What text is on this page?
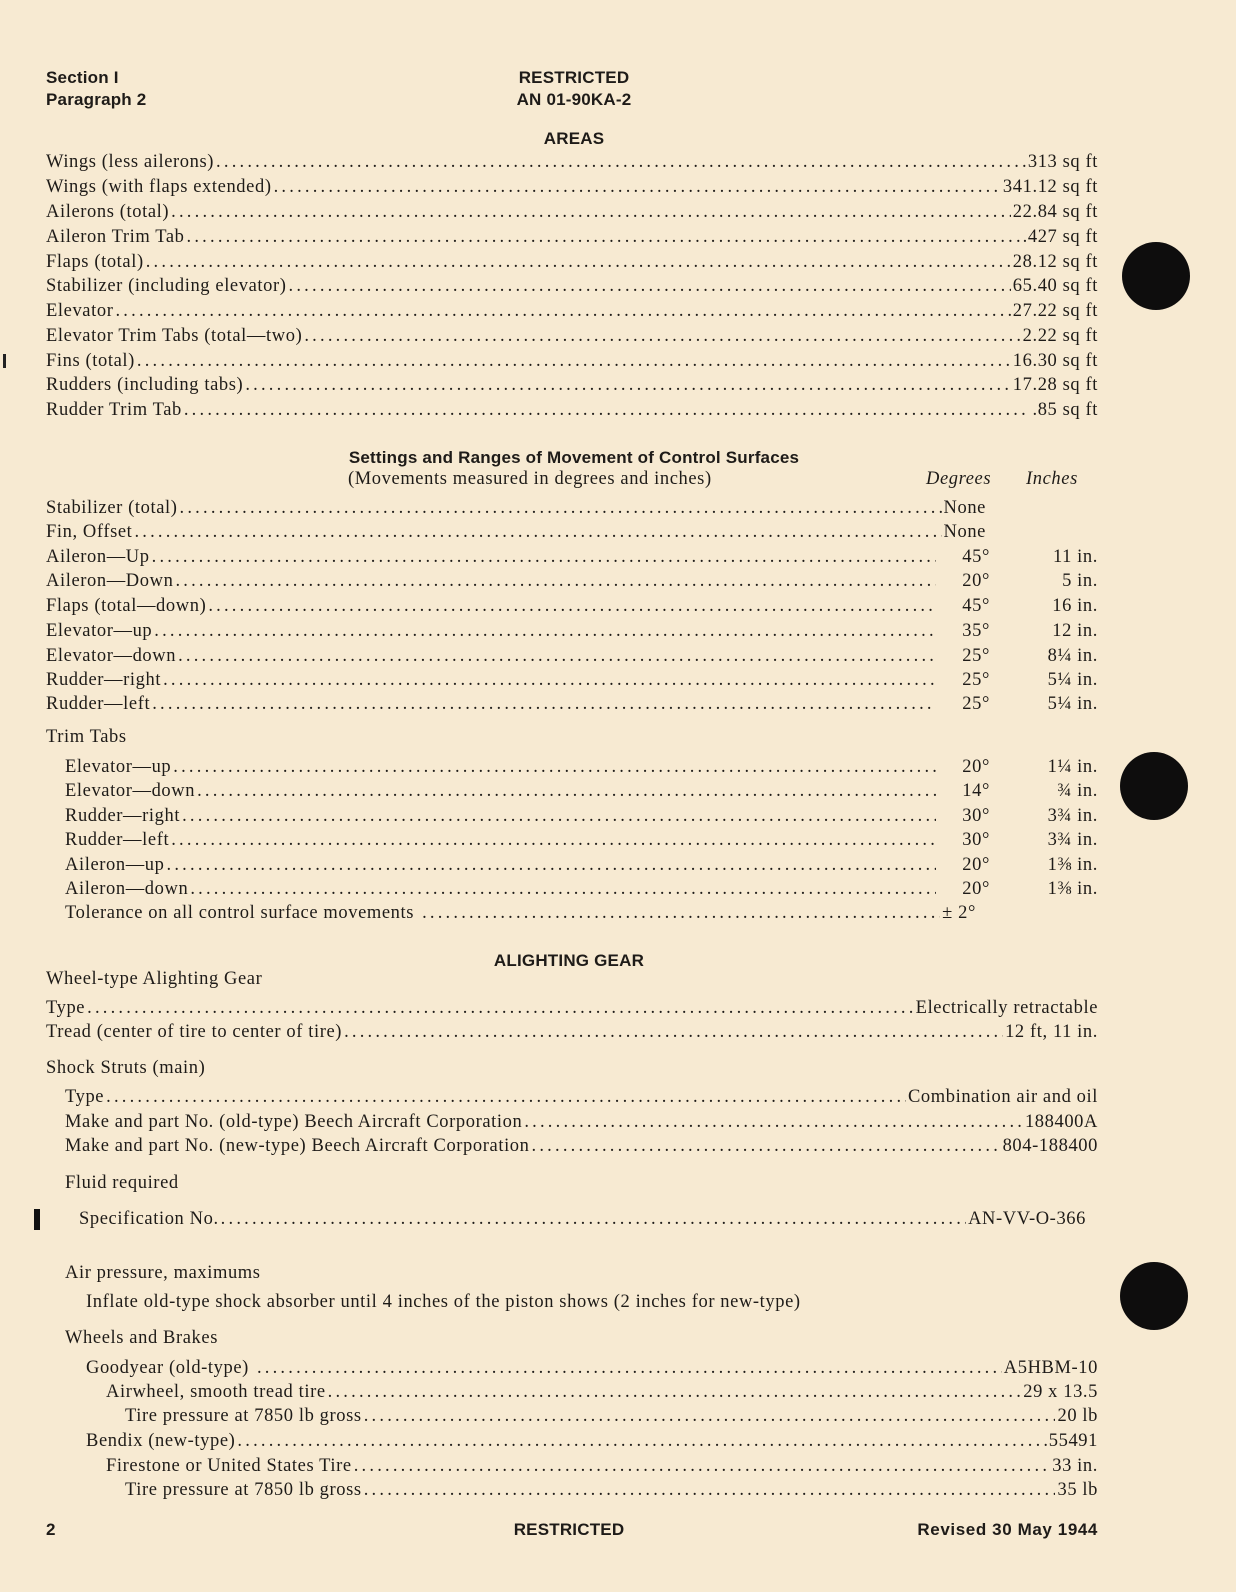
Section I
Paragraph 2
RESTRICTED
AN 01-90KA-2
AREAS
Wings (less ailerons) .....	313 sq ft
Wings (with flaps extended) .....	341.12 sq ft
Ailerons (total) .....	22.84 sq ft
Aileron Trim Tab .....	.427 sq ft
Flaps (total) .....	28.12 sq ft
Stabilizer (including elevator) .....	65.40 sq ft
Elevator .....	27.22 sq ft
Elevator Trim Tabs (total—two) .....	2.22 sq ft
Fins (total) .....	16.30 sq ft
Rudders (including tabs) .....	17.28 sq ft
Rudder Trim Tab .....	.85 sq ft
Settings and Ranges of Movement of Control Surfaces
(Movements measured in degrees and inches)	Degrees Inches
Stabilizer (total) .....	None
Fin, Offset .....	None
Aileron—Up .....	45°	11 in.
Aileron—Down .....	20°	5 in.
Flaps (total—down) .....	45°	16 in.
Elevator—up .....	35°	12 in.
Elevator—down .....	25°	8¼ in.
Rudder—right .....	25°	5¼ in.
Rudder—left .....	25°	5¼ in.
Trim Tabs
Elevator—up .....	20°	1¼ in.
Elevator—down .....	14°	¾ in.
Rudder—right .....	30°	3¾ in.
Rudder—left .....	30°	3¾ in.
Aileron—up .....	20°	1⅜ in.
Aileron—down .....	20°	1⅜ in.
Tolerance on all control surface movements .....	± 2°
ALIGHTING GEAR
Wheel-type Alighting Gear
Type .....	Electrically retractable
Tread (center of tire to center of tire) .....	12 ft, 11 in.
Shock Struts (main)
Type .....	Combination air and oil
Make and part No. (old-type) Beech Aircraft Corporation .....	188400A
Make and part No. (new-type) Beech Aircraft Corporation .....	804-188400
Fluid required
Specification No. .....	AN-VV-O-366
Air pressure, maximums
Inflate old-type shock absorber until 4 inches of the piston shows (2 inches for new-type)
Wheels and Brakes
Goodyear (old-type) .....	A5HBM-10
Airwheel, smooth tread tire .....	29 x 13.5
Tire pressure at 7850 lb gross .....	20 lb
Bendix (new-type) .....	55491
Firestone or United States Tire .....	33 in.
Tire pressure at 7850 lb gross .....	35 lb
2	RESTRICTED	Revised 30 May 1944
